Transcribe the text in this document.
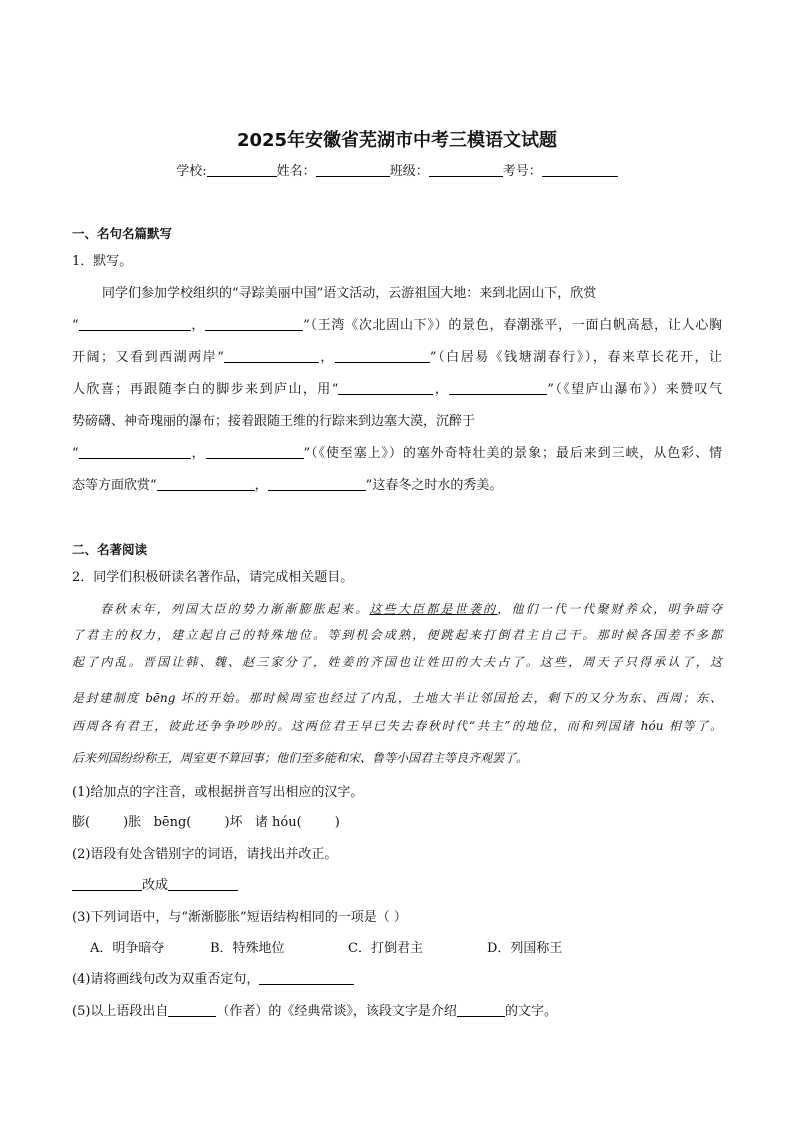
2025年安徽省芜湖市中考三模语文试题
学校:	姓名：	班级：	考号：
一、名句名篇默写
1．默写。
同学们参加学校组织的“寻踪美丽中国”语文活动，云游祖国大地：来到北固山下，欣赏
“	，	”（王湾《次北固山下》）的景色，春潮涨平，一面白帆高悬，让人心胸
开阔；又看到西湖两岸“	，	”（白居易《钱塘湖春行》），春来草长花开，让
人欣喜；再跟随李白的脚步来到庐山，用“	，	”（《望庐山瀑布》）来赞叹气
势磅礴、神奇瑰丽的瀑布；接着跟随王维的行踪来到边塞大漠，沉醉于
“	，	”（《使至塞上》）的塞外奇特壮美的景象；最后来到三峡，从色彩、情
态等方面欣赏“	，	”这春冬之时水的秀美。
二、名著阅读
2．同学们积极研读名著作品，请完成相关题目。
春秋末年，列国大臣的势力渐渐膨胀起来。这些大臣都是世袭的，他们一代一代聚财养众，明争暗夺
了君主的权力，建立起自己的特殊地位。等到机会成熟，便跳起来打倒君主自己干。那时候各国差不多都
起了内乱。晋国让韩、魏、赵三家分了，姓姜的齐国也让姓田的大夫占了。这些，周天子只得承认了，这
是封建制度 bēng 坏的开始。那时候周室也经过了内乱，土地大半让邻国抢去，剩下的又分为东、西周；东、
西周各有君王，彼此还争争吵吵的。这两位君王早已失去春秋时代“共主”的地位，而和列国诸 hóu 相等了。
后来列国纷纷称王，周室更不算回事；他们至多能和宋、鲁等小国君主等良齐观罢了。
(1)给加点的字注音，或根据拼音写出相应的汉字。
膨(        )胀   bēng(        )坏   诸 hóu(        )
(2)语段有处含错别字的词语，请找出并改正。
改成
(3)下列词语中，与“渐渐膨胀”短语结构相同的一项是（ ）
A．明争暗夺	B．特殊地位	C．打倒君主	D．列国称王
(4)请将画线句改为双重否定句，
(5)以上语段出自	（作者）的《经典常谈》，该段文字是介绍	的文字。
